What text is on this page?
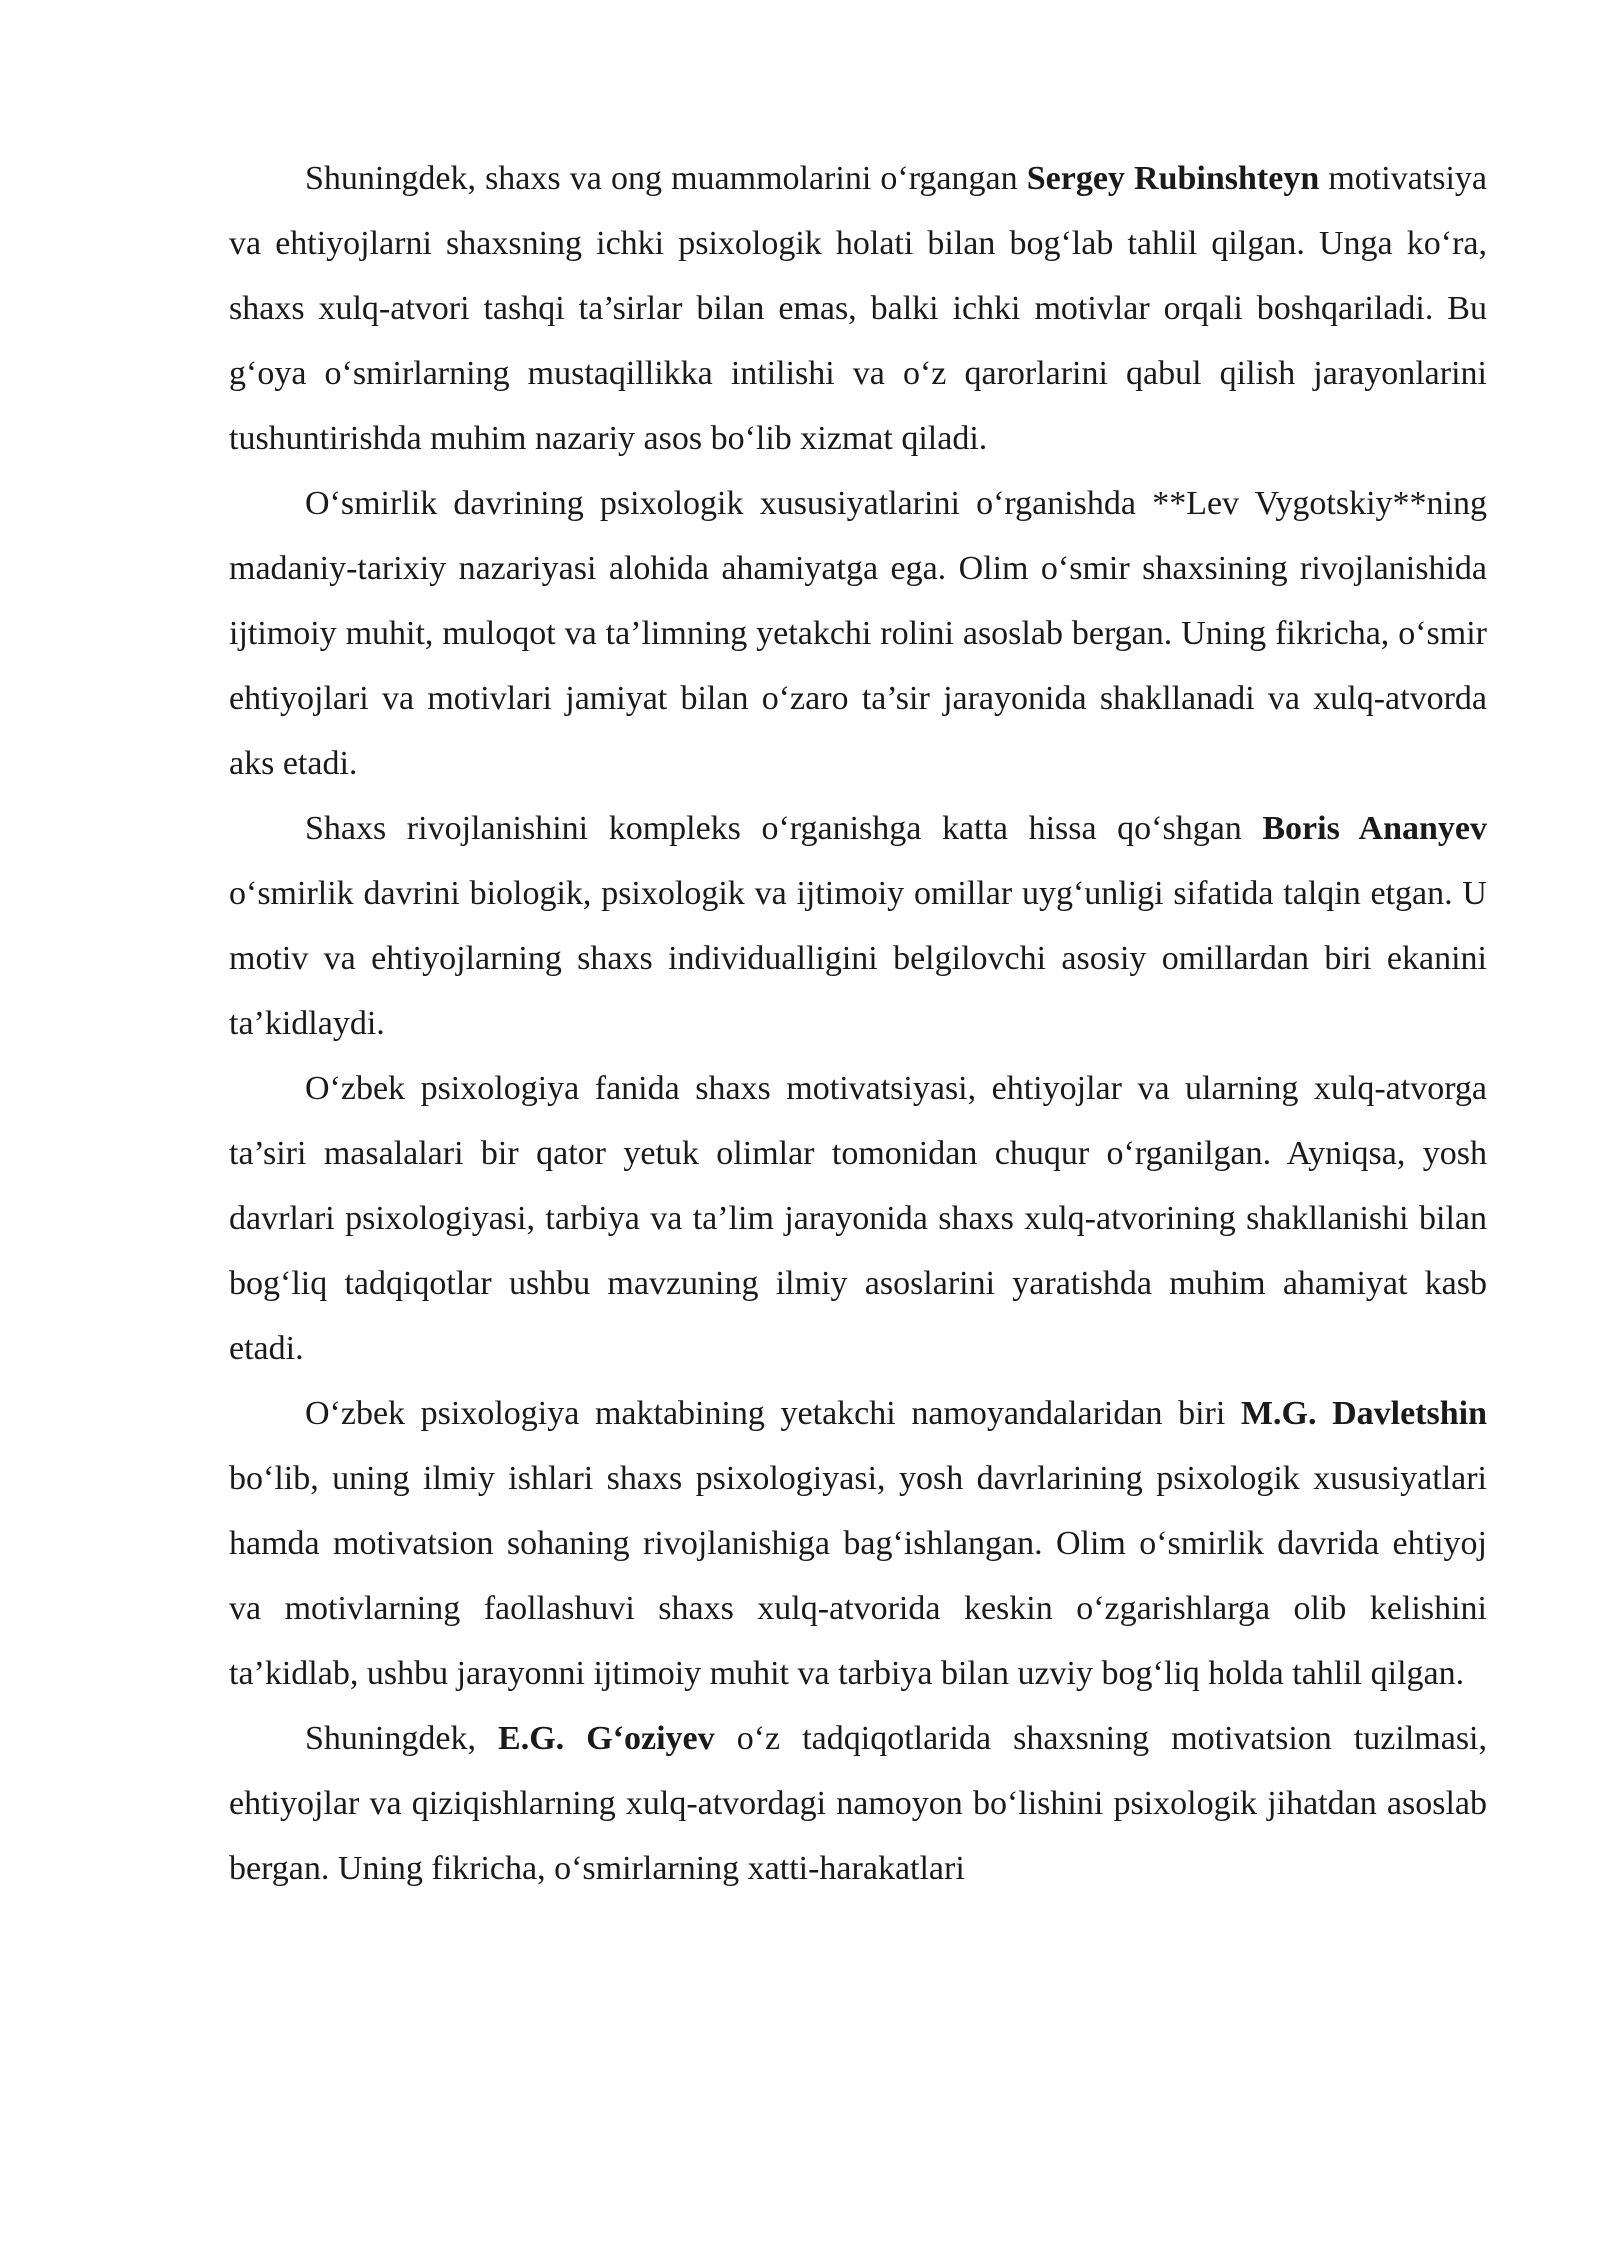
Shuningdek, shaxs va ong muammolarini o‘rgangan Sergey Rubinshteyn motivatsiya va ehtiyojlarni shaxsning ichki psixologik holati bilan bog‘lab tahlil qilgan. Unga ko‘ra, shaxs xulq-atvori tashqi ta’sirlar bilan emas, balki ichki motivlar orqali boshqariladi. Bu g‘oya o‘smirlarning mustaqillikka intilishi va o‘z qarorlarini qabul qilish jarayonlarini tushuntirishda muhim nazariy asos bo‘lib xizmat qiladi.

O‘smirlik davrining psixologik xususiyatlarini o‘rganishda **Lev Vygotskiy**ning madaniy-tarixiy nazariyasi alohida ahamiyatga ega. Olim o‘smir shaxsining rivojlanishida ijtimoiy muhit, muloqot va ta’limning yetakchi rolini asoslab bergan. Uning fikricha, o‘smir ehtiyojlari va motivlari jamiyat bilan o‘zaro ta’sir jarayonida shakllanadi va xulq-atvorda aks etadi.

Shaxs rivojlanishini kompleks o‘rganishga katta hissa qo‘shgan Boris Ananyev o‘smirlik davrini biologik, psixologik va ijtimoiy omillar uyg‘unligi sifatida talqin etgan. U motiv va ehtiyojlarning shaxs individualligini belgilovchi asosiy omillardan biri ekanini ta’kidlaydi.

O‘zbek psixologiya fanida shaxs motivatsiyasi, ehtiyojlar va ularning xulq-atvorga ta’siri masalalari bir qator yetuk olimlar tomonidan chuqur o‘rganilgan. Ayniqsa, yosh davrlari psixologiyasi, tarbiya va ta’lim jarayonida shaxs xulq-atvorining shakllanishi bilan bog‘liq tadqiqotlar ushbu mavzuning ilmiy asoslarini yaratishda muhim ahamiyat kasb etadi.

O‘zbek psixologiya maktabining yetakchi namoyandalaridan biri M.G. Davletshin bo‘lib, uning ilmiy ishlari shaxs psixologiyasi, yosh davrlarining psixologik xususiyatlari hamda motivatsion sohaning rivojlanishiga bag‘ishlangan. Olim o‘smirlik davrida ehtiyoj va motivlarning faollashuvi shaxs xulq-atvorida keskin o‘zgarishlarga olib kelishini ta’kidlab, ushbu jarayonni ijtimoiy muhit va tarbiya bilan uzviy bog‘liq holda tahlil qilgan.

Shuningdek, E.G. G‘oziyev o‘z tadqiqotlarida shaxsning motivatsion tuzilmasi, ehtiyojlar va qiziqishlarning xulq-atvordagi namoyon bo‘lishini psixologik jihatdan asoslab bergan. Uning fikricha, o‘smirlarning xatti-harakatlari
